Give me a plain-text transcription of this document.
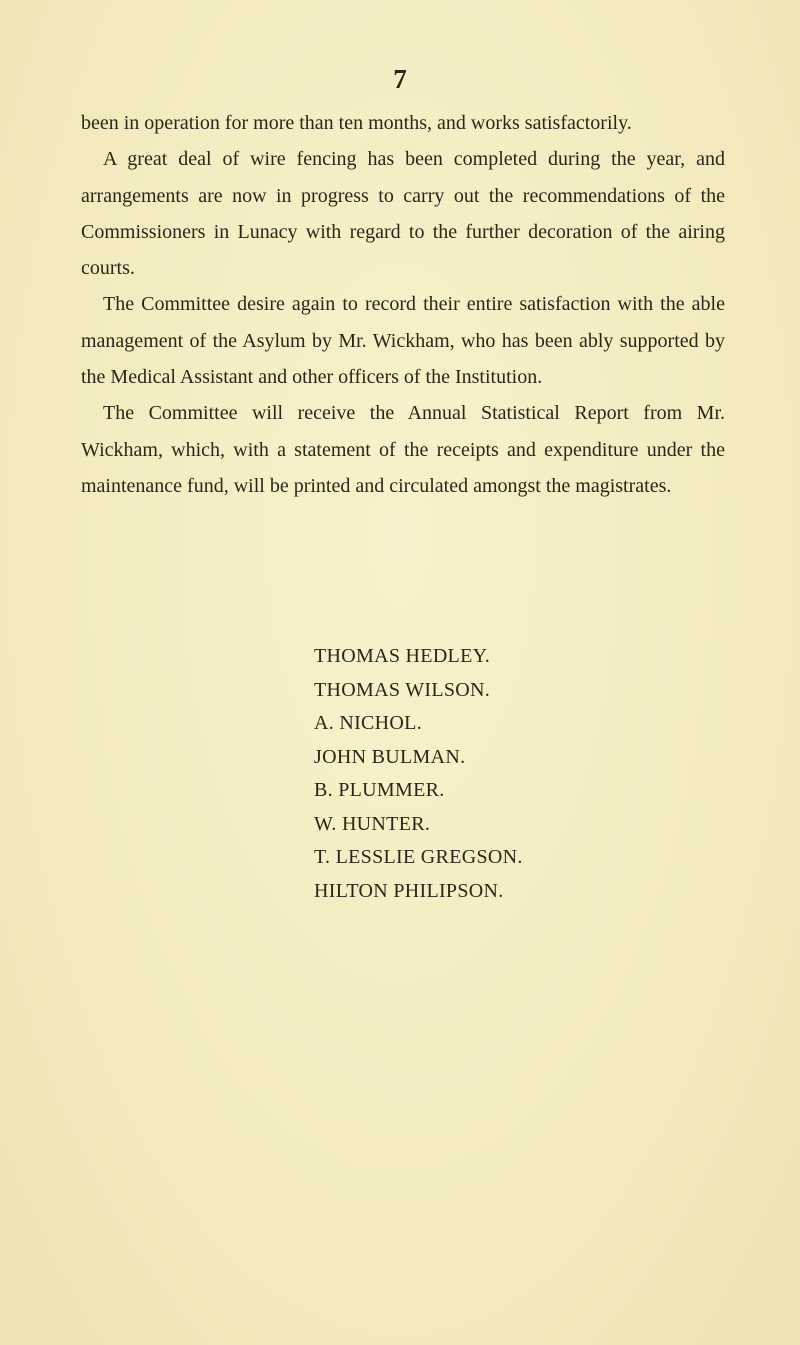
7

been in operation for more than ten months, and works satisfactorily.

A great deal of wire fencing has been completed during the year, and arrangements are now in progress to carry out the recommendations of the Commissioners in Lunacy with regard to the further decoration of the airing courts.

The Committee desire again to record their entire satisfaction with the able management of the Asylum by Mr. Wickham, who has been ably supported by the Medical Assistant and other officers of the Institution.

The Committee will receive the Annual Statistical Report from Mr. Wickham, which, with a statement of the receipts and expenditure under the maintenance fund, will be printed and circulated amongst the magistrates.

THOMAS HEDLEY.
THOMAS WILSON.
A. NICHOL.
JOHN BULMAN.
B. PLUMMER.
W. HUNTER.
T. LESSLIE GREGSON.
HILTON PHILIPSON.
